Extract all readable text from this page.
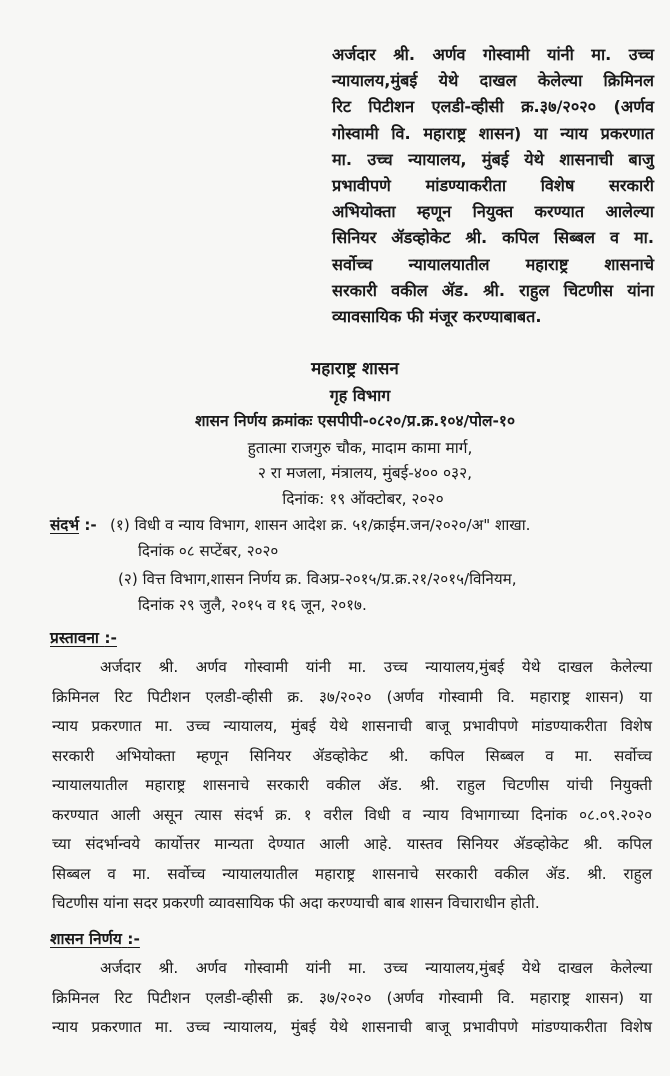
अर्जदार श्री. अर्णव गोस्वामी यांनी मा. उच्च
न्यायालय,मुंबई येथे दाखल केलेल्या क्रिमिनल
रिट पिटीशन एलडी-व्हीसी क्र.३७/२०२० (अर्णव
गोस्वामी वि. महाराष्ट्र शासन) या न्याय प्रकरणात
मा. उच्च न्यायालय, मुंबई येथे शासनाची बाजु
प्रभावीपणे मांडण्याकरीता विशेष सरकारी
अभियोक्ता म्हणून नियुक्त करण्यात आलेल्या
सिनियर ॲडव्होकेट श्री. कपिल सिब्बल व मा.
सर्वोच्च न्यायालयातील महाराष्ट्र शासनाचे
सरकारी वकील ॲड. श्री. राहुल चिटणीस यांना
व्यावसायिक फी मंजूर करण्याबाबत.
महाराष्ट्र शासन
गृह विभाग
शासन निर्णय क्रमांकः एसपीपी-०८२०/प्र.क्र.१०४/पोल-१०
हुतात्मा राजगुरु चौक, मादाम कामा मार्ग,
२ रा मजला, मंत्रालय, मुंबई-४०० ०३२,
दिनांक: १९ ऑक्टोबर, २०२०
संदर्भ :- (१) विधी व न्याय विभाग, शासन आदेश क्र. ५१/क्राईम.जन/२०२०/अ" शाखा.
दिनांक ०८ सप्टेंबर, २०२०
(२) वित्त विभाग,शासन निर्णय क्र. विअप्र-२०१५/प्र.क्र.२१/२०१५/विनियम,
दिनांक २९ जुलै, २०१५ व १६ जून, २०१७.
प्रस्तावना :-
अर्जदार श्री. अर्णव गोस्वामी यांनी मा. उच्च न्यायालय,मुंबई येथे दाखल केलेल्या
क्रिमिनल रिट पिटीशन एलडी-व्हीसी क्र. ३७/२०२० (अर्णव गोस्वामी वि. महाराष्ट्र शासन) या
न्याय प्रकरणात मा. उच्च न्यायालय, मुंबई येथे शासनाची बाजू प्रभावीपणे मांडण्याकरीता विशेष
सरकारी अभियोक्ता म्हणून सिनियर ॲडव्होकेट श्री. कपिल सिब्बल व मा. सर्वोच्च
न्यायालयातील महाराष्ट्र शासनाचे सरकारी वकील ॲड. श्री. राहुल चिटणीस यांची नियुक्ती
करण्यात आली असून त्यास संदर्भ क्र. १ वरील विधी व न्याय विभागाच्या दिनांक ०८.०९.२०२०
च्या संदर्भान्वये कार्योत्तर मान्यता देण्यात आली आहे. यास्तव सिनियर ॲडव्होकेट श्री. कपिल
सिब्बल व मा. सर्वोच्च न्यायालयातील महाराष्ट्र शासनाचे सरकारी वकील ॲड. श्री. राहुल
चिटणीस यांना सदर प्रकरणी व्यावसायिक फी अदा करण्याची बाब शासन विचाराधीन होती.
शासन निर्णय :-
अर्जदार श्री. अर्णव गोस्वामी यांनी मा. उच्च न्यायालय,मुंबई येथे दाखल केलेल्या
क्रिमिनल रिट पिटीशन एलडी-व्हीसी क्र. ३७/२०२० (अर्णव गोस्वामी वि. महाराष्ट्र शासन) या
न्याय प्रकरणात मा. उच्च न्यायालय, मुंबई येथे शासनाची बाजू प्रभावीपणे मांडण्याकरीता विशेष
